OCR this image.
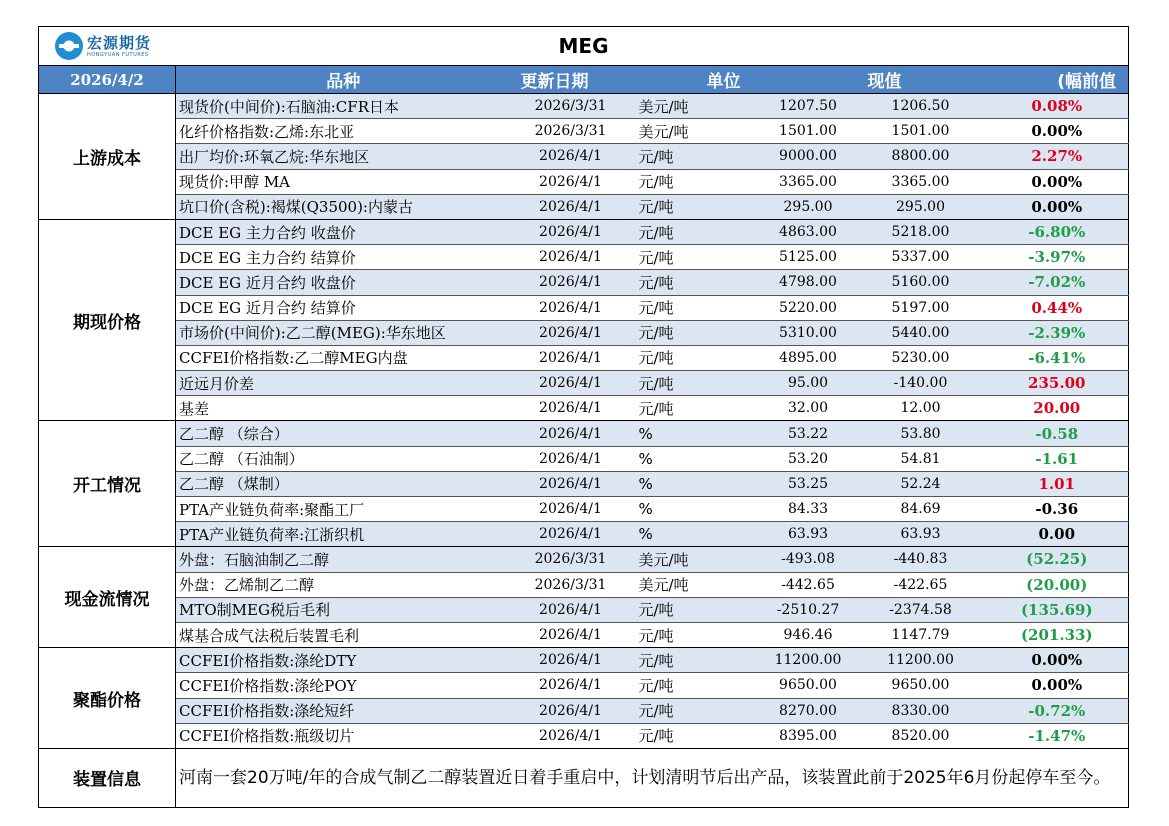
宏源期货
HONGYUAN FUTURES MEG						

2026/4/2	品种	更新日期	单位		现值	(幅前值
上游成本	现货价(中间价):石脑油:CFR日本	2026/3/31	美元/吨	1207.50	1206.50	0.08%
	化纤价格指数:乙烯:东北亚	2026/3/31	美元/吨	1501.00	1501.00	0.00%
	出厂均价:环氧乙烷:华东地区	2026/4/1	元/吨	9000.00	8800.00	2.27%
	现货价:甲醇 MA	2026/4/1	元/吨	3365.00	3365.00	0.00%
	坑口价(含税):褐煤(Q3500):内蒙古	2026/4/1	元/吨	295.00	295.00	0.00%
期现价格	DCE EG 主力合约 收盘价	2026/4/1	元/吨	4863.00	5218.00	-6.80%
	DCE EG 主力合约 结算价	2026/4/1	元/吨	5125.00	5337.00	-3.97%
	DCE EG 近月合约 收盘价	2026/4/1	元/吨	4798.00	5160.00	-7.02%
	DCE EG 近月合约 结算价	2026/4/1	元/吨	5220.00	5197.00	0.44%
	市场价(中间价):乙二醇(MEG):华东地区	2026/4/1	元/吨	5310.00	5440.00	-2.39%
	CCFEI价格指数:乙二醇MEG内盘	2026/4/1	元/吨	4895.00	5230.00	-6.41%
	近远月价差	2026/4/1	元/吨	95.00	-140.00	235.00
	基差	2026/4/1	元/吨	32.00	12.00	20.00
开工情况	乙二醇 （综合）	2026/4/1	%	53.22	53.80	-0.58
	乙二醇 （石油制）	2026/4/1	%	53.20	54.81	-1.61
	乙二醇 （煤制）	2026/4/1	%	53.25	52.24	1.01
	PTA产业链负荷率:聚酯工厂	2026/4/1	%	84.33	84.69	-0.36
	PTA产业链负荷率:江浙织机	2026/4/1	%	63.93	63.93	0.00
现金流情况	外盘：石脑油制乙二醇	2026/3/31	美元/吨	-493.08	-440.83	(52.25)
	外盘：乙烯制乙二醇	2026/3/31	美元/吨	-442.65	-422.65	(20.00)
	MTO制MEG税后毛利	2026/4/1	元/吨	-2510.27	-2374.58	(135.69)
	煤基合成气法税后装置毛利	2026/4/1	元/吨	946.46	1147.79	(201.33)
聚酯价格	CCFEI价格指数:涤纶DTY	2026/4/1	元/吨	11200.00	11200.00	0.00%
	CCFEI价格指数:涤纶POY	2026/4/1	元/吨	9650.00	9650.00	0.00%
	CCFEI价格指数:涤纶短纤	2026/4/1	元/吨	8270.00	8330.00	-0.72%
	CCFEI价格指数:瓶级切片	2026/4/1	元/吨	8395.00	8520.00	-1.47%
装置信息	河南一套20万吨/年的合成气制乙二醇装置近日着手重启中，计划清明节后出产品，该装置此前于2025年6月份起停车至今。					
